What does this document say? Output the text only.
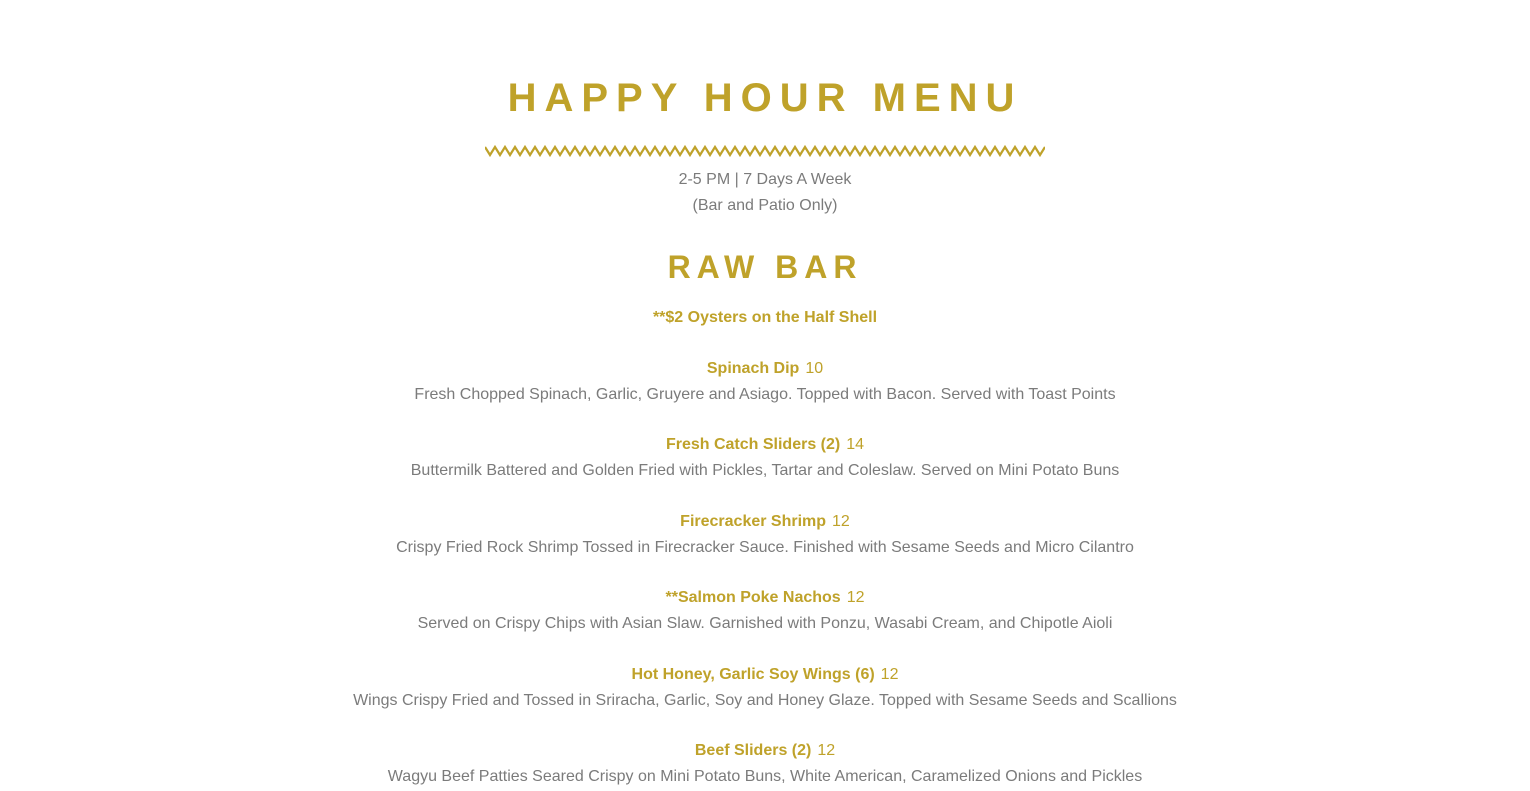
HAPPY HOUR MENU
2-5 PM | 7 Days A Week
(Bar and Patio Only)
RAW BAR
**$2 Oysters on the Half Shell
Spinach Dip 10
Fresh Chopped Spinach, Garlic, Gruyere and Asiago. Topped with Bacon. Served with Toast Points
Fresh Catch Sliders (2) 14
Buttermilk Battered and Golden Fried with Pickles, Tartar and Coleslaw. Served on Mini Potato Buns
Firecracker Shrimp 12
Crispy Fried Rock Shrimp Tossed in Firecracker Sauce. Finished with Sesame Seeds and Micro Cilantro
**Salmon Poke Nachos 12
Served on Crispy Chips with Asian Slaw. Garnished with Ponzu, Wasabi Cream, and Chipotle Aioli
Hot Honey, Garlic Soy Wings (6) 12
Wings Crispy Fried and Tossed in Sriracha, Garlic, Soy and Honey Glaze. Topped with Sesame Seeds and Scallions
Beef Sliders (2) 12
Wagyu Beef Patties Seared Crispy on Mini Potato Buns, White American, Caramelized Onions and Pickles
